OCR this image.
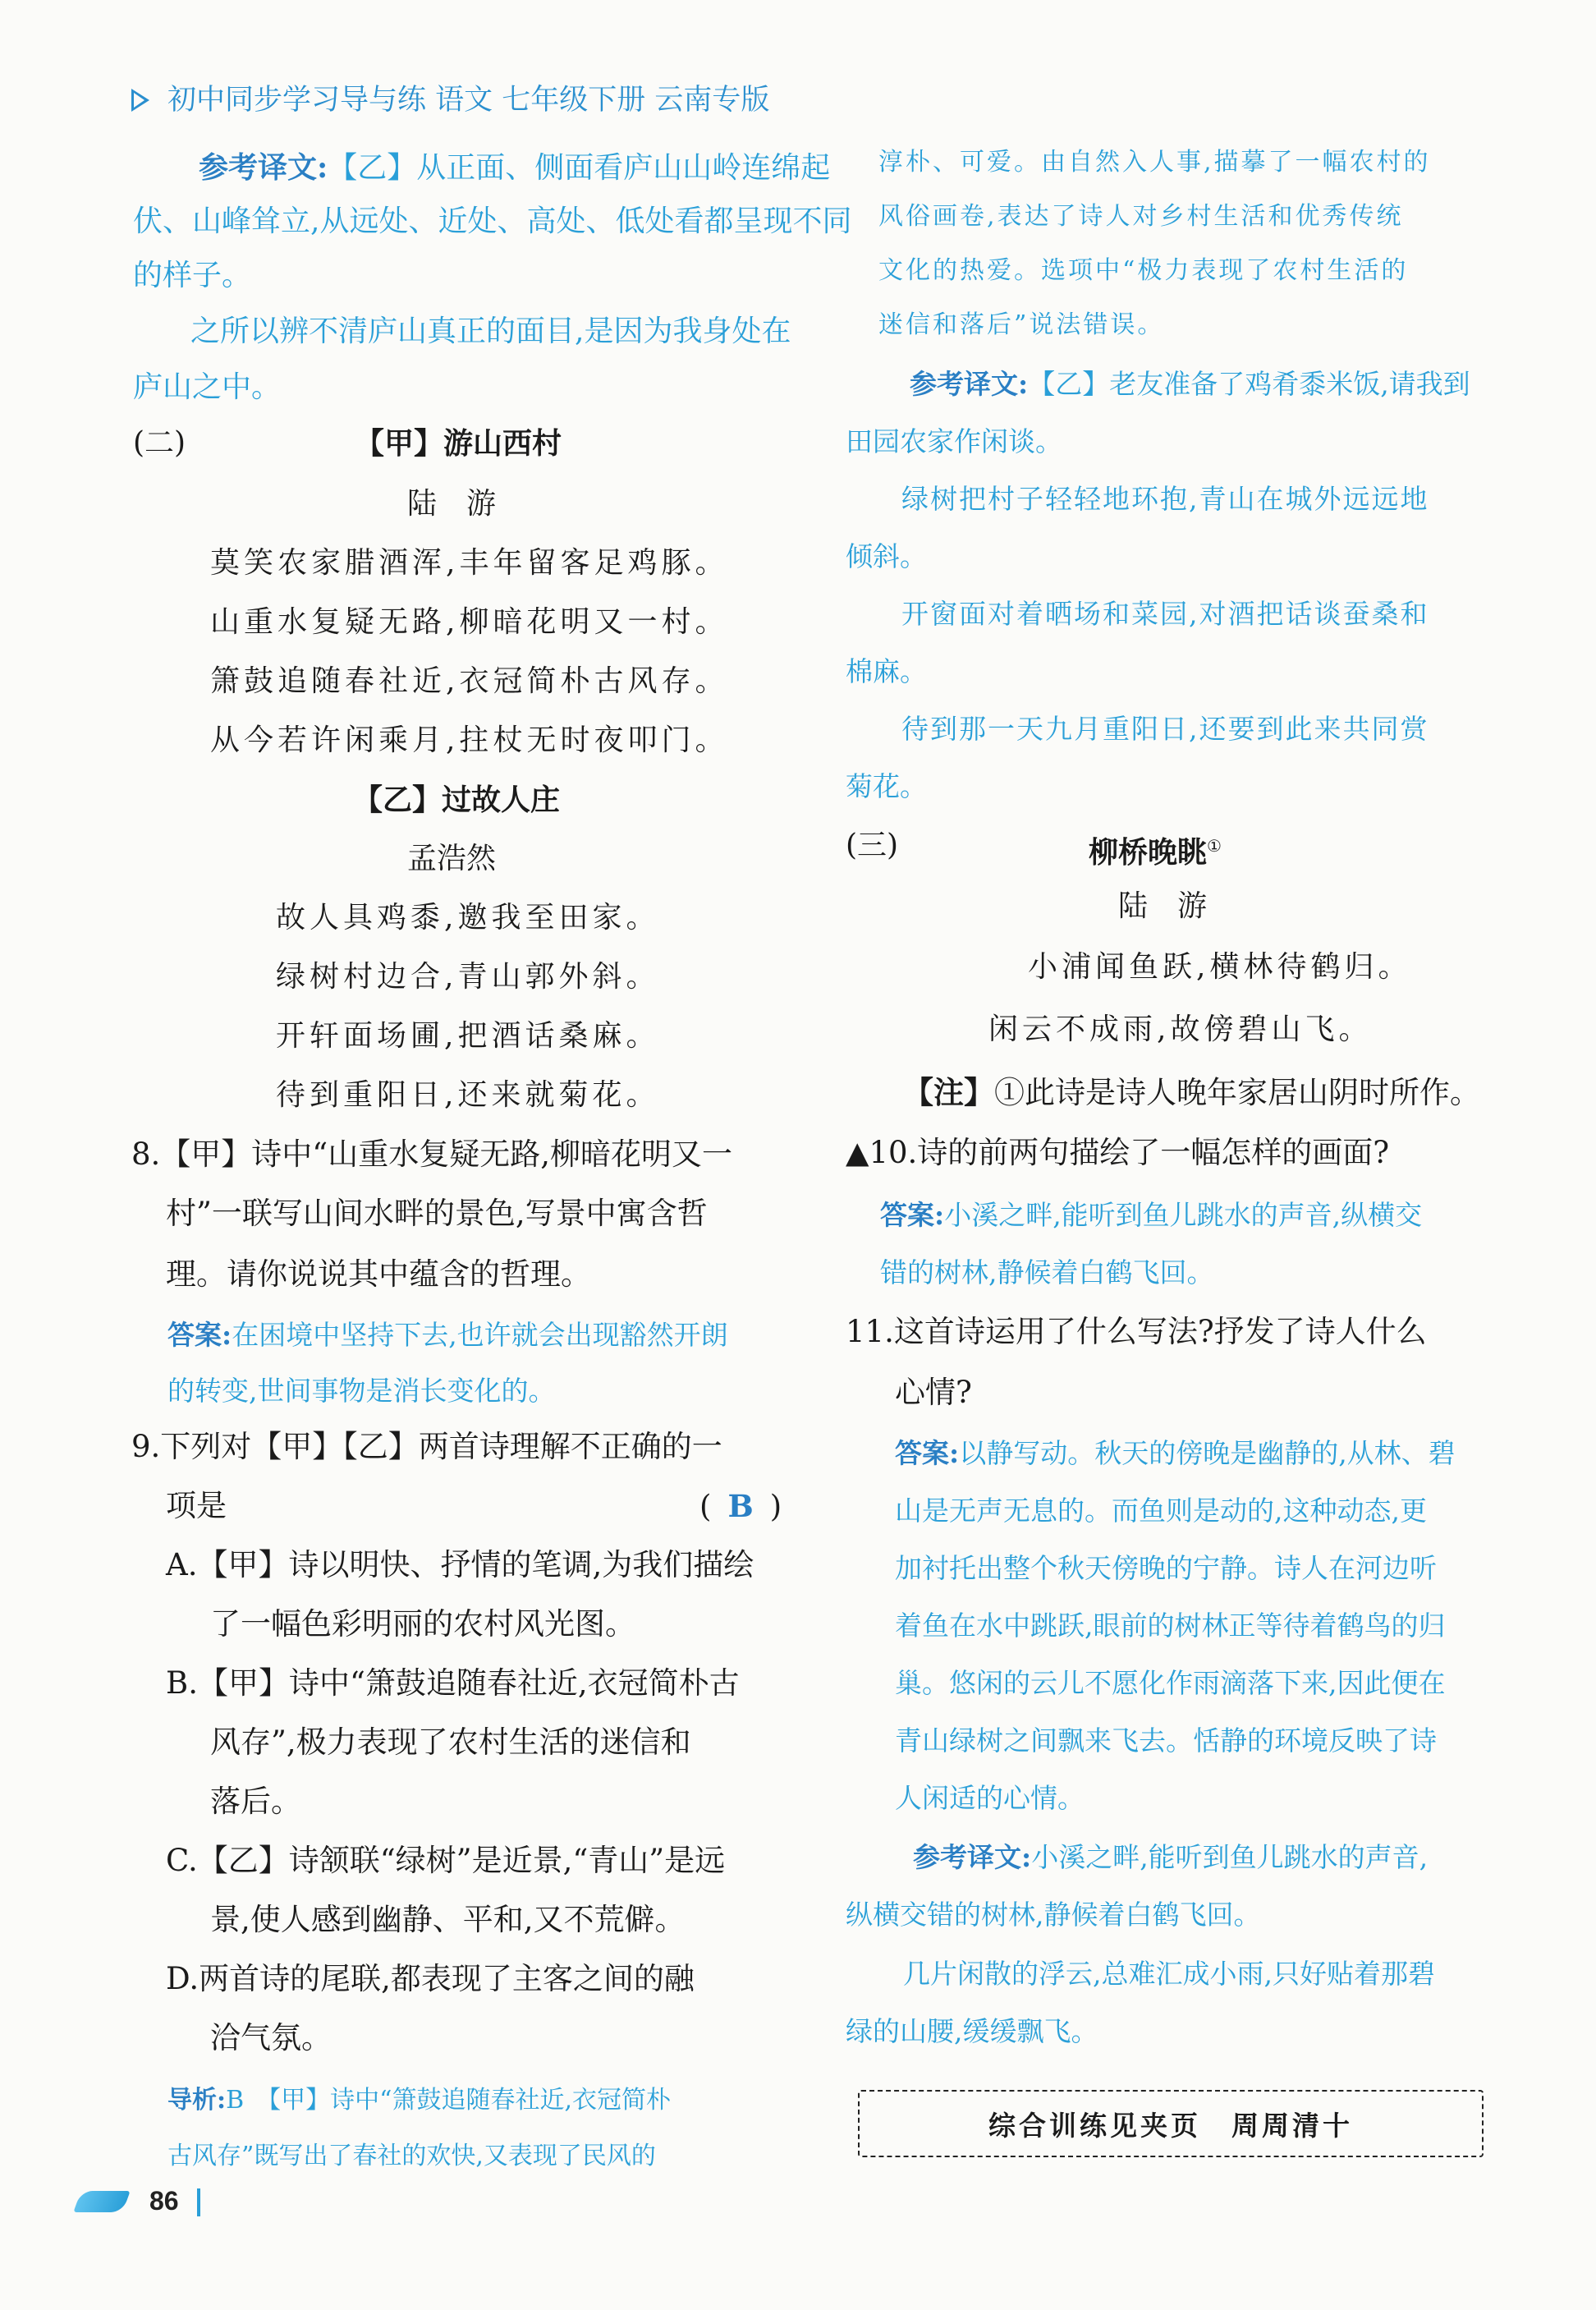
初中同步学习导与练 语文 七年级下册 云南专版
参考译文:【乙】从正面、侧面看庐山山岭连绵起
伏、山峰耸立,从远处、近处、高处、低处看都呈现不同
的样子。
之所以辨不清庐山真正的面目,是因为我身处在
庐山之中。
(二)	【甲】游山西村
陆　游
莫笑农家腊酒浑,丰年留客足鸡豚。
山重水复疑无路,柳暗花明又一村。
箫鼓追随春社近,衣冠简朴古风存。
从今若许闲乘月,拄杖无时夜叩门。
【乙】过故人庄
孟浩然
故人具鸡黍,邀我至田家。
绿树村边合,青山郭外斜。
开轩面场圃,把酒话桑麻。
待到重阳日,还来就菊花。
8.【甲】诗中“山重水复疑无路,柳暗花明又一
村”一联写山间水畔的景色,写景中寓含哲
理。请你说说其中蕴含的哲理。
答案:在困境中坚持下去,也许就会出现豁然开朗
的转变,世间事物是消长变化的。
9.下列对【甲】【乙】两首诗理解不正确的一
项是	( B )
A.【甲】诗以明快、抒情的笔调,为我们描绘
了一幅色彩明丽的农村风光图。
B.【甲】诗中“箫鼓追随春社近,衣冠简朴古
风存”,极力表现了农村生活的迷信和
落后。
C.【乙】诗颔联“绿树”是近景,“青山”是远
景,使人感到幽静、平和,又不荒僻。
D.两首诗的尾联,都表现了主客之间的融
洽气氛。
导析:B　【甲】诗中“箫鼓追随春社近,衣冠简朴
古风存”既写出了春社的欢快,又表现了民风的
淳朴、可爱。由自然入人事,描摹了一幅农村的
风俗画卷,表达了诗人对乡村生活和优秀传统
文化的热爱。选项中“极力表现了农村生活的
迷信和落后”说法错误。
参考译文:【乙】老友准备了鸡肴黍米饭,请我到
田园农家作闲谈。
绿树把村子轻轻地环抱,青山在城外远远地
倾斜。
开窗面对着晒场和菜园,对酒把话谈蚕桑和
棉麻。
待到那一天九月重阳日,还要到此来共同赏
菊花。
(三)	柳桥晚眺①
陆　游
小浦闻鱼跃,横林待鹤归。
闲云不成雨,故傍碧山飞。
【注】①此诗是诗人晚年家居山阴时所作。
▲10.诗的前两句描绘了一幅怎样的画面?
答案:小溪之畔,能听到鱼儿跳水的声音,纵横交
错的树林,静候着白鹤飞回。
11.这首诗运用了什么写法?抒发了诗人什么
心情?
答案:以静写动。秋天的傍晚是幽静的,从林、碧
山是无声无息的。而鱼则是动的,这种动态,更
加衬托出整个秋天傍晚的宁静。诗人在河边听
着鱼在水中跳跃,眼前的树林正等待着鹤鸟的归
巢。悠闲的云儿不愿化作雨滴落下来,因此便在
青山绿树之间飘来飞去。恬静的环境反映了诗
人闲适的心情。
参考译文:小溪之畔,能听到鱼儿跳水的声音,
纵横交错的树林,静候着白鹤飞回。
几片闲散的浮云,总难汇成小雨,只好贴着那碧
绿的山腰,缓缓飘飞。
综合训练见夹页　周周清十
86
